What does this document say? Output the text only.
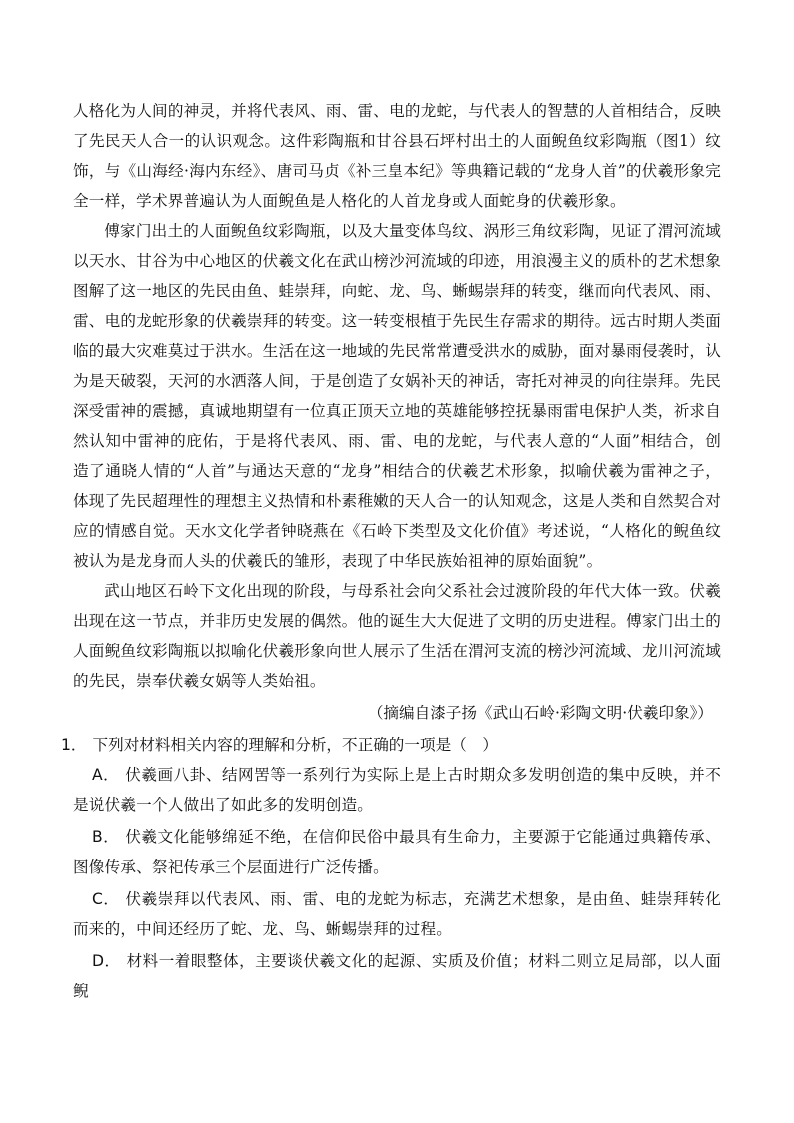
人格化为人间的神灵，并将代表风、雨、雷、电的龙蛇，与代表人的智慧的人首相结合，反映了先民天人合一的认识观念。这件彩陶瓶和甘谷县石坪村出土的人面鲵鱼纹彩陶瓶（图1）纹饰，与《山海经·海内东经》、唐司马贞《补三皇本纪》等典籍记载的“龙身人首”的伏羲形象完全一样，学术界普遍认为人面鲵鱼是人格化的人首龙身或人面蛇身的伏羲形象。

傅家门出土的人面鲵鱼纹彩陶瓶，以及大量变体鸟纹、涡形三角纹彩陶，见证了渭河流域以天水、甘谷为中心地区的伏羲文化在武山榜沙河流域的印迹，用浪漫主义的质朴的艺术想象图解了这一地区的先民由鱼、蛙崇拜，向蛇、龙、鸟、蜥蜴崇拜的转变，继而向代表风、雨、雷、电的龙蛇形象的伏羲崇拜的转变。这一转变根植于先民生存需求的期待。远古时期人类面临的最大灾难莫过于洪水。生活在这一地域的先民常常遭受洪水的威胁，面对暴雨侵袭时，认为是天破裂，天河的水洒落人间，于是创造了女娲补天的神话，寄托对神灵的向往崇拜。先民深受雷神的震撼，真诚地期望有一位真正顶天立地的英雄能够控抚暴雨雷电保护人类，祈求自然认知中雷神的庇佑，于是将代表风、雨、雷、电的龙蛇，与代表人意的“人面”相结合，创造了通晓人情的“人首”与通达天意的“龙身”相结合的伏羲艺术形象，拟喻伏羲为雷神之子，体现了先民超理性的理想主义热情和朴素稚嫩的天人合一的认知观念，这是人类和自然契合对应的情感自觉。天水文化学者钟晓燕在《石岭下类型及文化价值》考述说，“人格化的鲵鱼纹被认为是龙身而人头的伏羲氏的雏形，表现了中华民族始祖神的原始面貌”。

武山地区石岭下文化出现的阶段，与母系社会向父系社会过渡阶段的年代大体一致。伏羲出现在这一节点，并非历史发展的偶然。他的诞生大大促进了文明的历史进程。傅家门出土的人面鲵鱼纹彩陶瓶以拟喻化伏羲形象向世人展示了生活在渭河支流的榜沙河流域、龙川河流域的先民，崇奉伏羲女娲等人类始祖。

（摘编自漆子扬《武山石岭·彩陶文明·伏羲印象》）

1． 下列对材料相关内容的理解和分析，不正确的一项是（　）

A． 伏羲画八卦、结网罟等一系列行为实际上是上古时期众多发明创造的集中反映，并不是说伏羲一个人做出了如此多的发明创造。

B． 伏羲文化能够绵延不绝，在信仰民俗中最具有生命力，主要源于它能通过典籍传承、图像传承、祭祀传承三个层面进行广泛传播。

C． 伏羲崇拜以代表风、雨、雷、电的龙蛇为标志，充满艺术想象，是由鱼、蛙崇拜转化而来的，中间还经历了蛇、龙、鸟、蜥蜴崇拜的过程。

D． 材料一着眼整体，主要谈伏羲文化的起源、实质及价值；材料二则立足局部，以人面鲵
